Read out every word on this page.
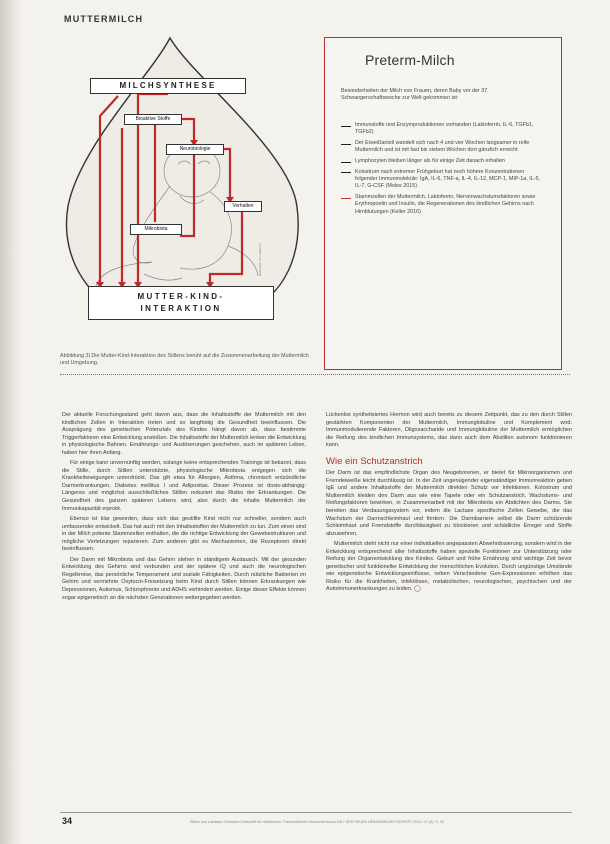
MUTTERMILCH
MILCHSYNTHESE
Bioaktive Stoffe
Neurobiologie
Verhalten
Mikrobiota
MUTTER-KIND-
INTERAKTION
Illustration: M. Lindstrom
Abbildung 3| Die Mutter-Kind-Interaktion des Stillens beruht auf die Zusammenarbeitung der Muttermilch und Umgebung.
Preterm-Milch
Besonderheiten der Milch von Frauen, deren Baby vor der 37. Schwangerschaftswoche zur Welt gekommen ist:
Immunstoffe und Enzymproduktionen vorhanden (Laktoferrin, IL-6, TGFb1, TGFb2)
Der Eiweißanteil wandelt sich nach 4 und vier Wochen langsamer in reife Muttermilch und ist mit fast bis sieben Wochen dort gänzlich erreicht
Lymphozyten bleiben länger als für einige Zeit danach erhalten
Kolostrum nach extremer Frühgeburt hat noch höhere Konzentrationen folgender Immunmoleküle: IgA, IL-6, TNF-a, IL-4, IL-12, MCP-1, MIP-1a, IL-5, IL-7, G-CSF (Moles 2015)
Stammzellen der Muttermilch, Laktoferrin, Nervenwachstumsfaktoren sowie Erythropoetin und Insulin, die Regenerationen des kindlichen Gehirns nach Hirnblutungen (Keller 2016)

Der aktuelle Forschungsstand geht davon aus, dass die Inhaltsstoffe der Muttermilch mit den kindlichen Zellen in Interaktion treten und so langfristig die Gesundheit beeinflussen. Die Ausprägung des genetischen Potenzials des Kindes hängt davon ab, dass bestimmte Triggerfaktoren eine Entwicklung anstoßen. Die Inhaltsstoffe der Muttermilch lenken die Entwicklung in physiologische Bahnen. Ernährungs- und Auslöserungen geschehen, auch im späteren Leben, haben hier ihren Anfang.

Für einige kann unvernünftig werden, solange keine entsprechenden Trainings ist bekannt, dass die Stille, durch Stillen unterstützte, physiologische Mikrobiota entgegen sich die Krankheitsneigungen unterdrückt. Das gilt etwa für Allergien, Asthma, chronisch entzündliche Darmerkrankungen, Diabetes mellitus I und Adipositas. Dieser Prozess ist dosis-abhängig: Längeres und möglichst ausschließliches Stillen reduziert das Risiko der Erkrankungen. Die Gesundheit des ganzen späteren Lebens wird, also durch die Inhalte Muttermilch der Immunkapazität erprobt.

Ebenso ist klar geworden, dass sich das gestillte Kind nicht nur schneller, sondern auch umfassender entwickelt. Das hat auch mit den Inhaltsstoffen der Muttermilch zu tun. Zum einen sind in der Milch potente Stammzellen enthalten, die die richtige Entwicklung der Gewebestrukturen und mögliche Verletzungen reparieren. Zum anderen gibt es Mechanismen, die Rezeptoren direkt beeinflussen.

Der Darm mit Mikrobiota und das Gehirn stehen in ständigem Austausch. Mit der gesunden Entwicklung des Gehirns sind verbunden und der spätere IQ und auch die neurologischen Regelkreise, das persönliche Temperament und soziale Fähigkeiten. Durch nützliche Bakterien im Gehirn und vermehrte Oxytocin-Freisetzung beim Kind durch Stillen können Erkrankungen wie Depressionen, Autismus, Schizophrenie und ADHS verhindert werden. Einige dieser Effekte können sogar epigenetisch an die nächsten Generationen weitergegeben werden.

Lückenlos synthetisiertes Hormon wird auch bereits zu diesem Zeitpunkt, das zu den durch Stillen gestärkten Komponenten der Muttermilch, Immunglobuline und Komplement wird. Immunmodulierende Faktoren, Oligosaccharide und Immunglobuline der Muttermilch ermöglichen die Reifung des kindlichen Immunsystems, das dann auch dem Abstillen autonom funktionieren kann.

Wie ein Schutzanstrich

Der Darm ist das empfindlichste Organ des Neugeborenen, er bietet für Mikroorganismen und Fremdeiweiße leicht durchlässig ist. In der Zeit ungenügender eigenständiger Immunreaktion geben IgE und andere Inhaltsstoffe der Muttermilch direkten Schutz vor Infektionen. Kolostrum und Muttermilch kleiden den Darm aus wie eine Tapete oder ein Schutzanstrich. Wachstums- und Reifungsfaktoren bewirken, in Zusammenarbeit mit der Mikrobiota ein Abdichten des Darms. Sie bereiten das Verdauungssystem vor, indem die Lactase spezifische Zellen Gewebe, die das Wachstum der Darmschleimhaut und fördern. Die Darmbarriere selbst die Darm schützende Schleimhaut und Fremdstoffe durchlässigkeit zu blockieren und schädliche Erreger und Stoffe abzuwehren.

Muttermilch steht nicht nur einer individuellen angepassten Abwehrdosierung, sondern wird in der Entwicklung entsprechend aller Inhaltsstoffe haben spezielle Funktionen zur Unterstützung oder Reifung der Organentwicklung des Kindes. Geburt und frühe Ernährung sind wichtige Zeit bevor genetischer und funktioneller Entwicklung der menschlichen Evolution. Durch ungünstige Umstände wie epigenetische Entwicklungseinflüsse, neben Verschiedene Gen-Expressionen erhöhen das Risiko für die Krankheiten, infektiösen, metabolischen, neurologischen, psychischen und der Autoimmunerkrankungen zu leiden. ◯

34	Stillen und Laktation: Deutsche Zeitschrift für Hebammen / Fachzeitschrift Hebammenforum 2017 DER NEUEN HEBAMMENZEITSCHRIFT 2016 / 17 (6): S. 34
